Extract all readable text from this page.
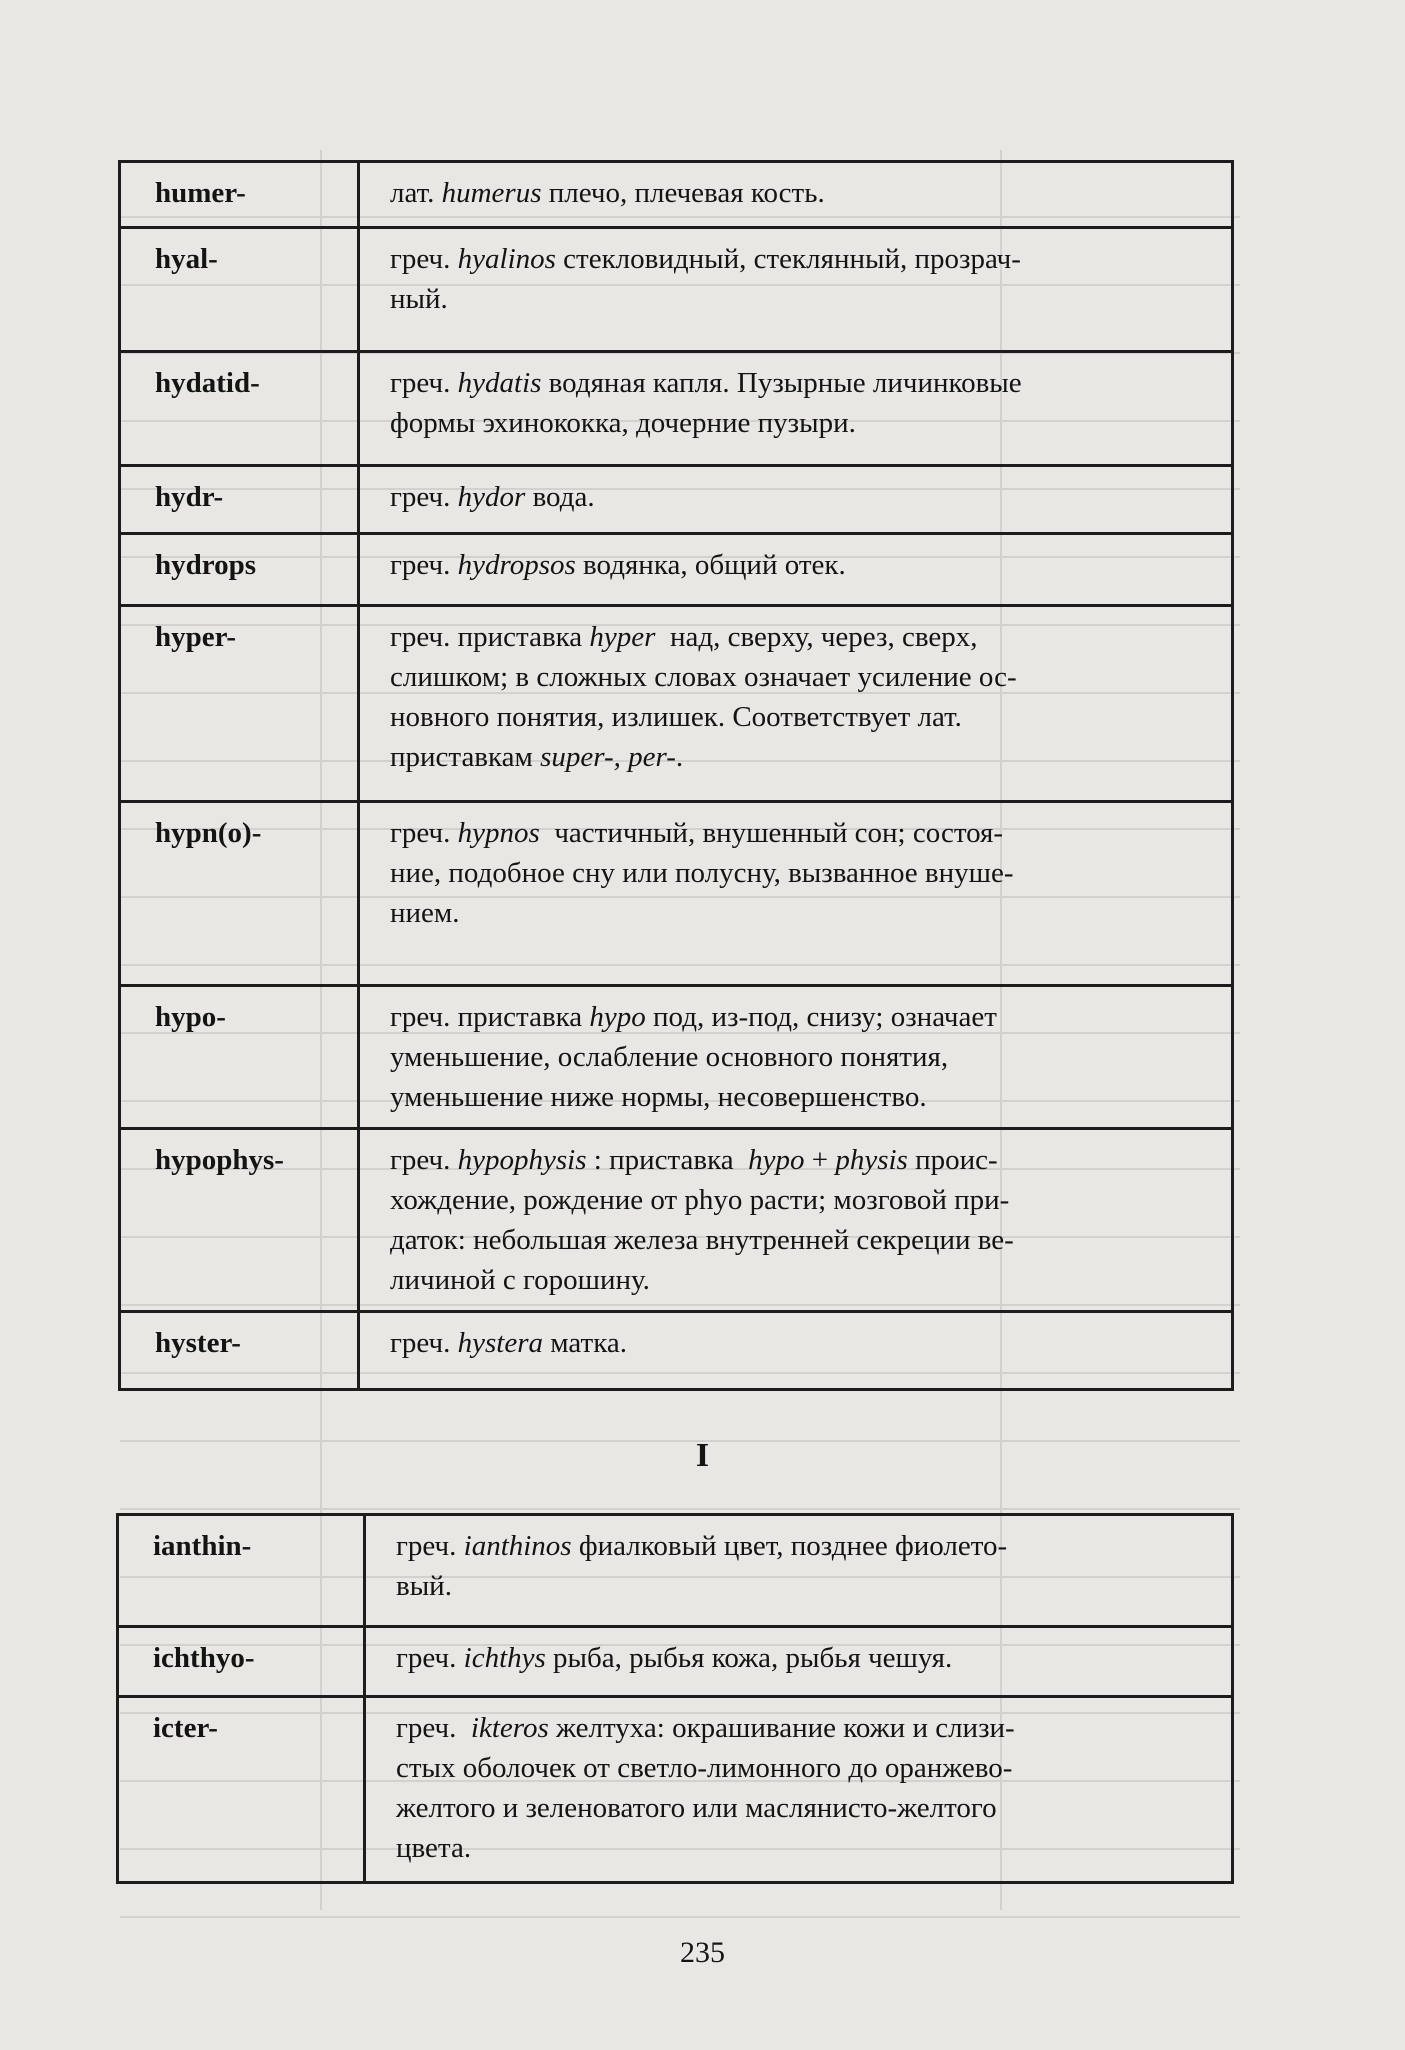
humer-	лат. humerus плечо, плечевая кость.
hyal-	греч. hyalinos стекловидный, стеклянный, прозрач-
ный.
hydatid-	греч. hydatis водяная капля. Пузырные личинковые
формы эхинококка, дочерние пузыри.
hydr-	греч. hydor вода.
hydrops	греч. hydropsos водянка, общий отек.
hyper-	греч. приставка hyper  над, сверху, через, сверх,
слишком; в сложных словах означает усиление ос-
новного понятия, излишек. Соответствует лат.
приставкам super-, per-.
hypn(o)-	греч. hypnos  частичный, внушенный сон; состоя-
ние, подобное сну или полусну, вызванное внуше-
нием.
hypo-	греч. приставка hypo под, из-под, снизу; означает
уменьшение, ослабление основного понятия,
уменьшение ниже нормы, несовершенство.
hypophys-	греч. hypophysis : приставка  hypo + physis проис-
хождение, рождение от phyo расти; мозговой при-
даток: небольшая железа внутренней секреции ве-
личиной с горошину.
hyster-	греч. hystera матка.
I
ianthin-	греч. ianthinos фиалковый цвет, позднее фиолето-
вый.
ichthyo-	греч. ichthys рыба, рыбья кожа, рыбья чешуя.
icter-	греч.  ikteros желтуха: окрашивание кожи и слизи-
стых оболочек от светло-лимонного до оранжево-
желтого и зеленоватого или маслянисто-желтого
цвета.
235
